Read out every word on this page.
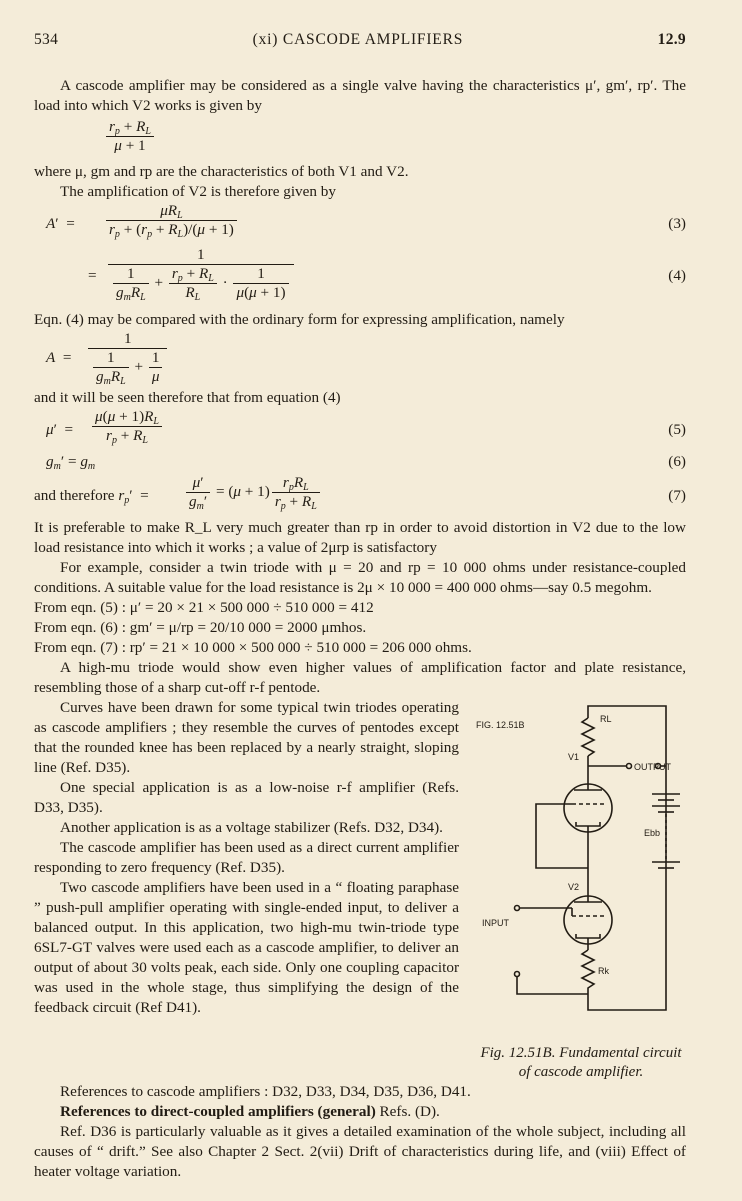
534	(xi) CASCODE AMPLIFIERS	12.9

A cascode amplifier may be considered as a single valve having the characteristics μ′, gm′, rp′. The load into which V2 works is given by

$\frac{r_p + R_L}{\mu + 1}$

where μ, gm and rp are the characteristics of both V1 and V2.

The amplification of V2 is therefore given by

$A' = \frac{\mu R_L}{r_p + (r_p + R_L)/(\mu + 1)}$	(3)
= $\frac{1}{\frac{1}{g_mR_L} + \frac{r_p + R_L}{R_L} \cdot \frac{1}{\mu(\mu + 1)}}$	(4)

Eqn. (4) may be compared with the ordinary form for expressing amplification, namely

$A = \frac{1}{\frac{1}{g_mR_L} + \frac{1}{\mu}}$

and it will be seen therefore that from equation (4)

$\mu' = \frac{\mu(\mu + 1)R_L}{r_p + R_L}$	(5)
$g_m' = g_m$	(6)
and therefore $r_p' = \frac{\mu'}{g_m'} = (\mu + 1) \frac{r_pR_L}{r_p + R_L}$	(7)

It is preferable to make R_L very much greater than rp in order to avoid distortion in V2 due to the low load resistance into which it works ; a value of 2μrp is satisfactory

For example, consider a twin triode with μ = 20 and rp = 10 000 ohms under resistance-coupled conditions. A suitable value for the load resistance is 2μ × 10 000 = 400 000 ohms—say 0.5 megohm.

From eqn. (5) : μ′ = 20 × 21 × 500 000 ÷ 510 000 = 412

From eqn. (6) : gm′ = μ/rp = 20/10 000 = 2000 μmhos.

From eqn. (7) : rp′ = 21 × 10 000 × 500 000 ÷ 510 000 = 206 000 ohms.

A high-mu triode would show even higher values of amplification factor and plate resistance, resembling those of a sharp cut-off r-f pentode.

Curves have been drawn for some typical twin triodes operating as cascode amplifiers ; they resemble the curves of pentodes except that the rounded knee has been replaced by a nearly straight, sloping line (Ref. D35).

One special application is as a low-noise r-f amplifier (Refs. D33, D35).

Another application is as a voltage stabilizer (Refs. D32, D34).

The cascode amplifier has been used as a direct current amplifier responding to zero frequency (Ref. D35).

Two cascode amplifiers have been used in a “ floating paraphase ” push-pull amplifier operating with single-ended input, to deliver a balanced output. In this application, two high-mu twin-triode type 6SL7-GT valves were used each as a cascode amplifier, to deliver an output of about 30 volts peak, each side. Only one coupling capacitor was used in the whole stage, thus simplifying the design of the feedback circuit (Ref D41).

FIG. 12.51B
RL
V1
OUTPUT
Ebb
V2
INPUT
Rk
Fig. 12.51B. Fundamental circuit of cascode amplifier.

References to cascode amplifiers : D32, D33, D34, D35, D36, D41.

References to direct-coupled amplifiers (general) Refs. (D).

Ref. D36 is particularly valuable as it gives a detailed examination of the whole subject, including all causes of “ drift.” See also Chapter 2 Sect. 2(vii) Drift of characteristics during life, and (viii) Effect of heater voltage variation.
